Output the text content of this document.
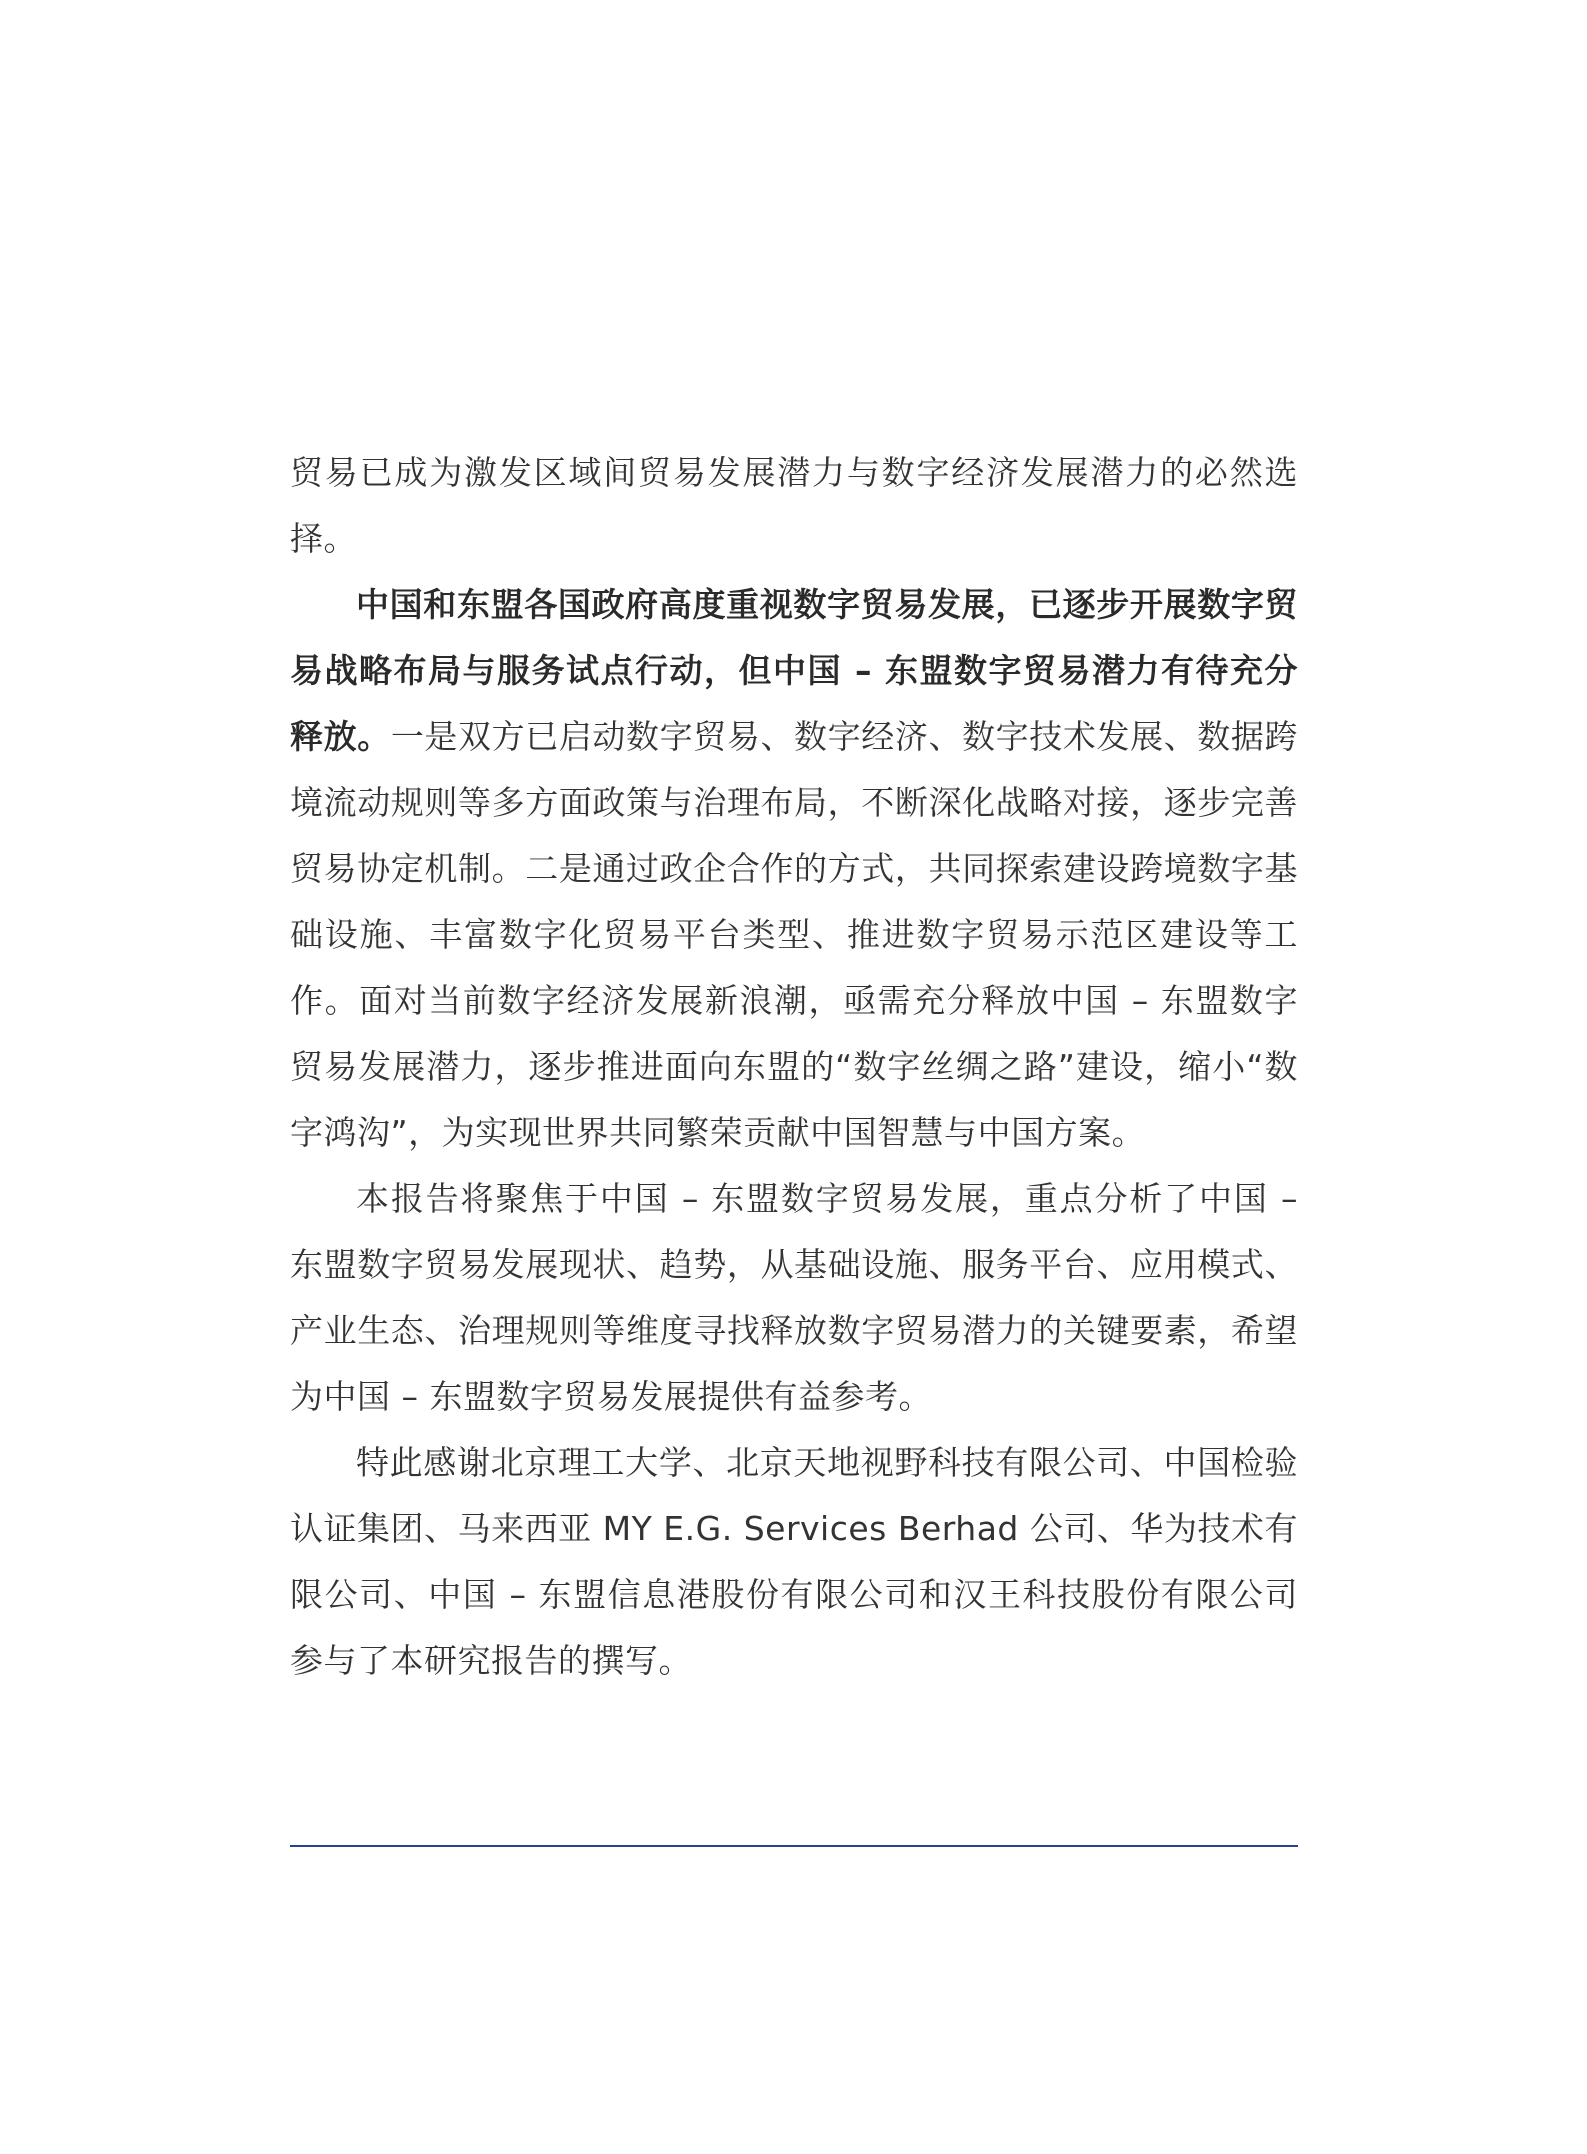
贸易已成为激发区域间贸易发展潜力与数字经济发展潜力的必然选择。

中国和东盟各国政府高度重视数字贸易发展，已逐步开展数字贸易战略布局与服务试点行动，但中国 – 东盟数字贸易潜力有待充分释放。一是双方已启动数字贸易、数字经济、数字技术发展、数据跨境流动规则等多方面政策与治理布局，不断深化战略对接，逐步完善贸易协定机制。二是通过政企合作的方式，共同探索建设跨境数字基础设施、丰富数字化贸易平台类型、推进数字贸易示范区建设等工作。面对当前数字经济发展新浪潮，亟需充分释放中国 – 东盟数字贸易发展潜力，逐步推进面向东盟的“数字丝绸之路”建设，缩小“数字鸿沟”，为实现世界共同繁荣贡献中国智慧与中国方案。

本报告将聚焦于中国 – 东盟数字贸易发展，重点分析了中国 – 东盟数字贸易发展现状、趋势，从基础设施、服务平台、应用模式、产业生态、治理规则等维度寻找释放数字贸易潜力的关键要素，希望为中国 – 东盟数字贸易发展提供有益参考。

特此感谢北京理工大学、北京天地视野科技有限公司、中国检验认证集团、马来西亚 MY E.G. Services Berhad 公司、华为技术有限公司、中国 – 东盟信息港股份有限公司和汉王科技股份有限公司参与了本研究报告的撰写。
